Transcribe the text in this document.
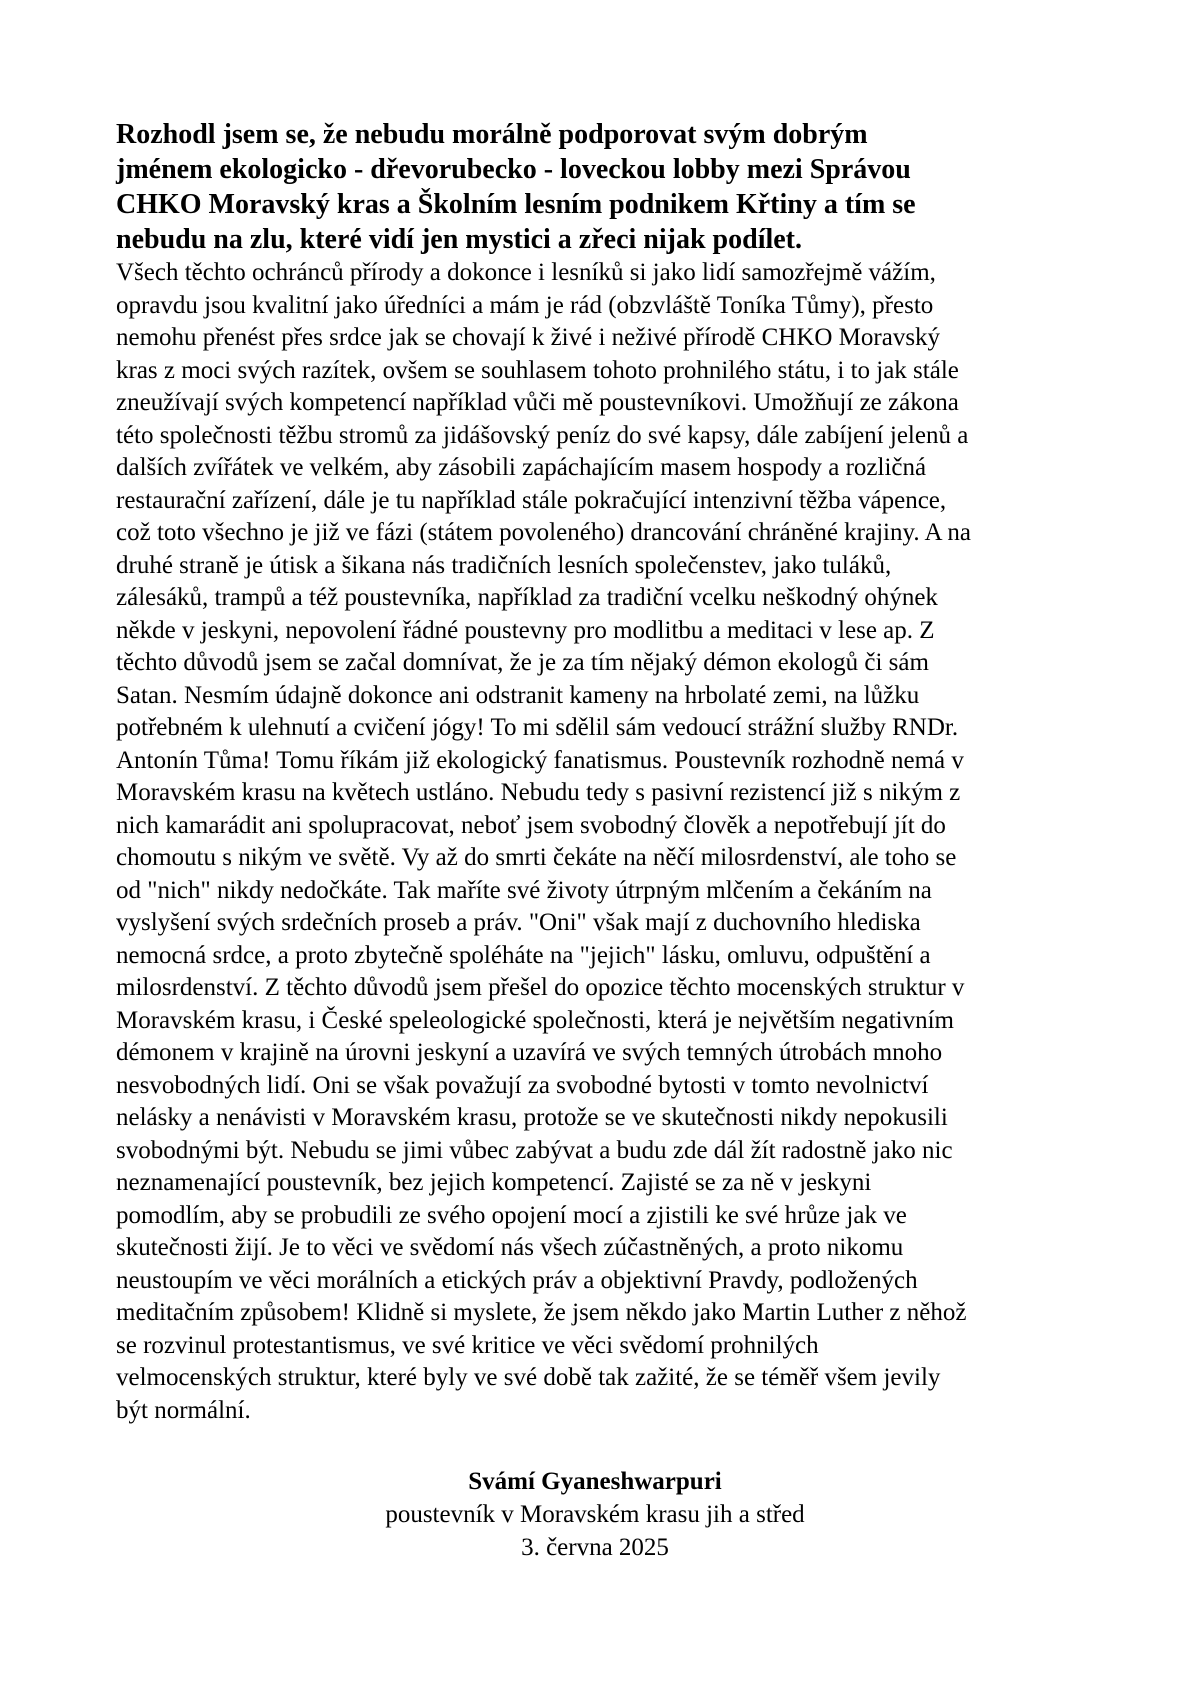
Rozhodl jsem se, že nebudu morálně podporovat svým dobrým
jménem ekologicko - dřevorubecko - loveckou lobby mezi Správou
CHKO Moravský kras a Školním lesním podnikem Křtiny a tím se
nebudu na zlu, které vidí jen mystici a zřeci nijak podílet.
Všech těchto ochránců přírody a dokonce i lesníků si jako lidí samozřejmě vážím,
opravdu jsou kvalitní jako úředníci a mám je rád (obzvláště Toníka Tůmy), přesto
nemohu přenést přes srdce jak se chovají k živé i neživé přírodě CHKO Moravský
kras z moci svých razítek, ovšem se souhlasem tohoto prohnilého státu, i to jak stále
zneužívají svých kompetencí například vůči mě poustevníkovi. Umožňují ze zákona
této společnosti těžbu stromů za jidášovský peníz do své kapsy, dále zabíjení jelenů a
dalších zvířátek ve velkém, aby zásobili zapáchajícím masem hospody a rozličná
restaurační zařízení, dále je tu například stále pokračující intenzivní těžba vápence,
což toto všechno je již ve fázi (státem povoleného) drancování chráněné krajiny. A na
druhé straně je útisk a šikana nás tradičních lesních společenstev, jako tuláků,
zálesáků, trampů a též poustevníka, například za tradiční vcelku neškodný ohýnek
někde v jeskyni, nepovolení řádné poustevny pro modlitbu a meditaci v lese ap. Z
těchto důvodů jsem se začal domnívat, že je za tím nějaký démon ekologů či sám
Satan. Nesmím údajně dokonce ani odstranit kameny na hrbolaté zemi, na lůžku
potřebném k ulehnutí a cvičení jógy! To mi sdělil sám vedoucí strážní služby RNDr.
Antonín Tůma! Tomu říkám již ekologický fanatismus. Poustevník rozhodně nemá v
Moravském krasu na květech ustláno. Nebudu tedy s pasivní rezistencí již s nikým z
nich kamarádit ani spolupracovat, neboť jsem svobodný člověk a nepotřebují jít do
chomoutu s nikým ve světě. Vy až do smrti čekáte na něčí milosrdenství, ale toho se
od "nich" nikdy nedočkáte. Tak maříte své životy útrpným mlčením a čekáním na
vyslyšení svých srdečních proseb a práv. "Oni" však mají z duchovního hlediska
nemocná srdce, a proto zbytečně spoléháte na "jejich" lásku, omluvu, odpuštění a
milosrdenství. Z těchto důvodů jsem přešel do opozice těchto mocenských struktur v
Moravském krasu, i České speleologické společnosti, která je největším negativním
démonem v krajině na úrovni jeskyní a uzavírá ve svých temných útrobách mnoho
nesvobodných lidí. Oni se však považují za svobodné bytosti v tomto nevolnictví
nelásky a nenávisti v Moravském krasu, protože se ve skutečnosti nikdy nepokusili
svobodnými být. Nebudu se jimi vůbec zabývat a budu zde dál žít radostně jako nic
neznamenající poustevník, bez jejich kompetencí. Zajisté se za ně v jeskyni
pomodlím, aby se probudili ze svého opojení mocí a zjistili ke své hrůze jak ve
skutečnosti žijí. Je to věci ve svědomí nás všech zúčastněných, a proto nikomu
neustoupím ve věci morálních a etických práv a objektivní Pravdy, podložených
meditačním způsobem! Klidně si myslete, že jsem někdo jako Martin Luther z něhož
se rozvinul protestantismus, ve své kritice ve věci svědomí prohnilých
velmocenských struktur, které byly ve své době tak zažité, že se téměř všem jevily
být normální.
Svámí Gyaneshwarpuri
poustevník v Moravském krasu jih a střed
3. června 2025
